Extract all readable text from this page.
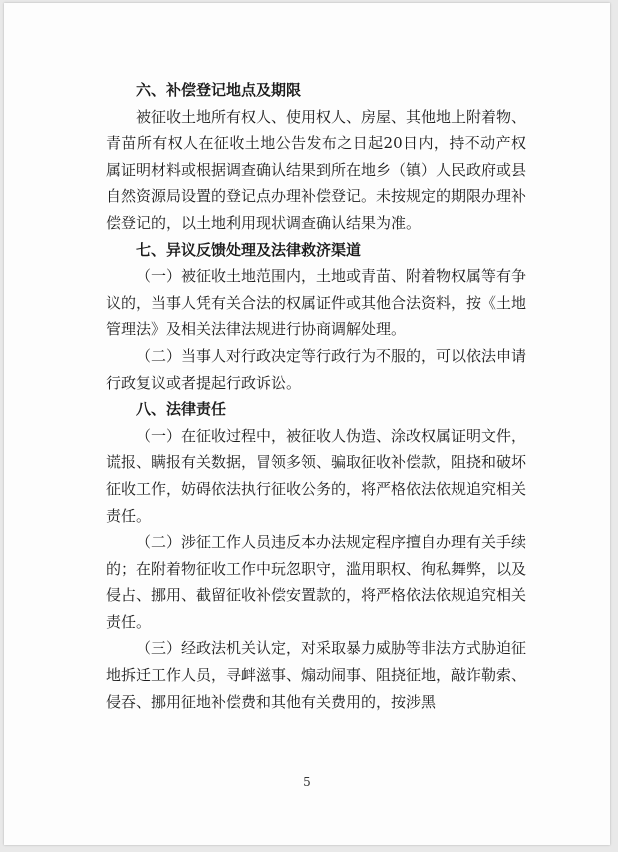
六、补偿登记地点及期限

被征收土地所有权人、使用权人、房屋、其他地上附着物、青苗所有权人在征收土地公告发布之日起20日内，持不动产权属证明材料或根据调查确认结果到所在地乡（镇）人民政府或县自然资源局设置的登记点办理补偿登记。未按规定的期限办理补偿登记的，以土地利用现状调查确认结果为准。

七、异议反馈处理及法律救济渠道

（一）被征收土地范围内，土地或青苗、附着物权属等有争议的，当事人凭有关合法的权属证件或其他合法资料，按《土地管理法》及相关法律法规进行协商调解处理。

（二）当事人对行政决定等行政行为不服的，可以依法申请行政复议或者提起行政诉讼。

八、法律责任

（一）在征收过程中，被征收人伪造、涂改权属证明文件，谎报、瞒报有关数据，冒领多领、骗取征收补偿款，阻挠和破坏征收工作，妨碍依法执行征收公务的，将严格依法依规追究相关责任。

（二）涉征工作人员违反本办法规定程序擅自办理有关手续的；在附着物征收工作中玩忽职守，滥用职权、徇私舞弊，以及侵占、挪用、截留征收补偿安置款的，将严格依法依规追究相关责任。

（三）经政法机关认定，对采取暴力威胁等非法方式胁迫征地拆迁工作人员，寻衅滋事、煽动闹事、阻挠征地，敲诈勒索、侵吞、挪用征地补偿费和其他有关费用的，按涉黑

5
